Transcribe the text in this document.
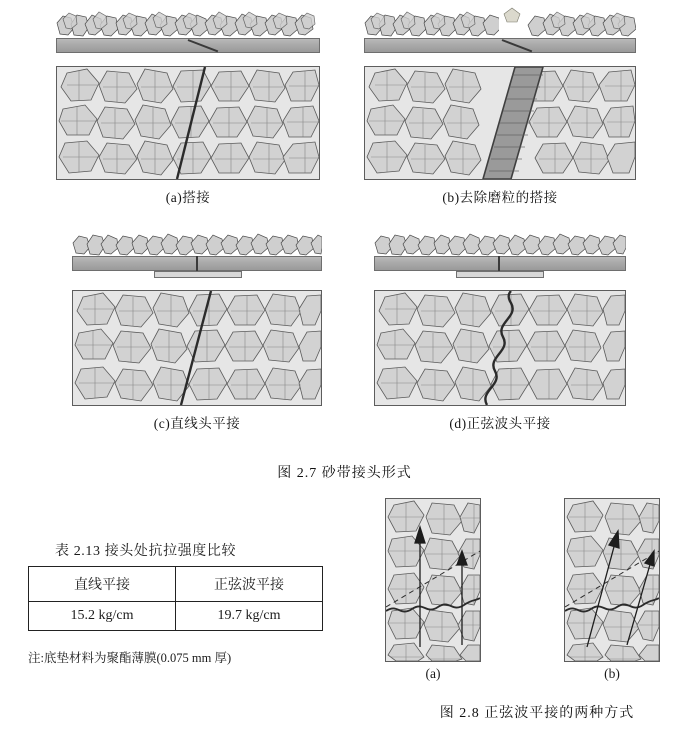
(a)搭接	(b)去除磨粒的搭接
(c)直线头平接	(d)正弦波头平接
图 2.7 砂带接头形式
表 2.13 接头处抗拉强度比较
直线平接	正弦波平接
15.2 kg/cm	19.7 kg/cm
注:底垫材料为聚酯薄膜(0.075 mm 厚)
(a)	(b)
图 2.8 正弦波平接的两种方式
